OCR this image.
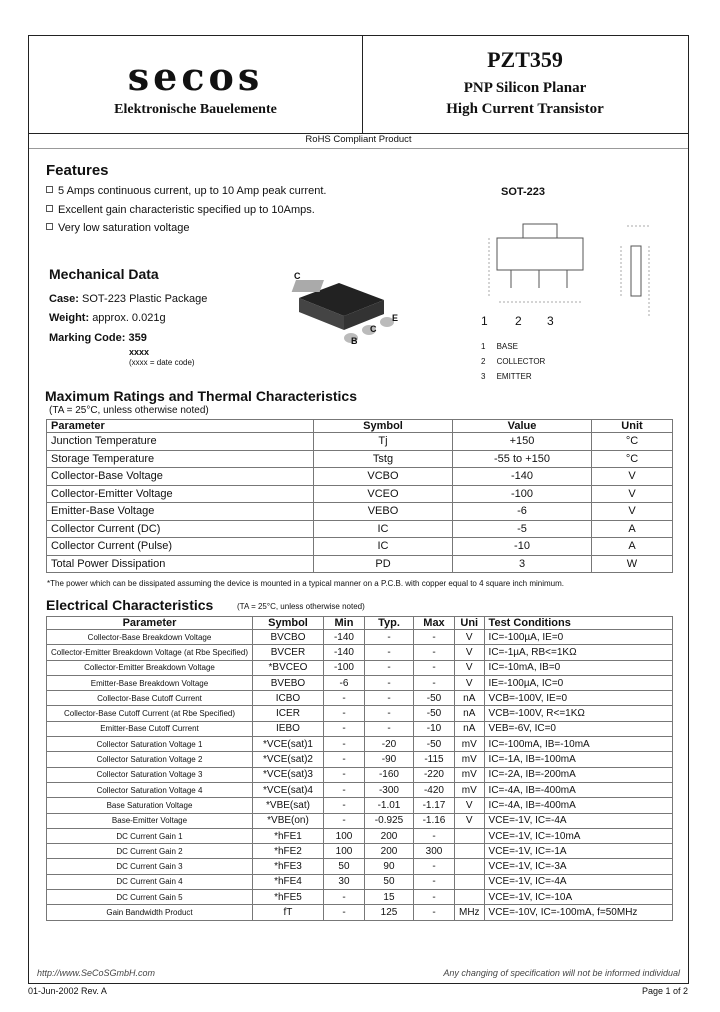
secos
Elektronische Bauelemente
PZT359
PNP Silicon Planar
High Current Transistor
RoHS Compliant Product
Features
5 Amps continuous current, up to 10 Amp peak current.
Excellent gain characteristic specified up to 10Amps.
Very low saturation voltage
Mechanical Data
Case: SOT-223 Plastic Package
Weight: approx. 0.021g
Marking Code: 359
xxxx
(xxxx = date code)
C
B
C
E
SOT-223
1 2 3
1     BASE
2     COLLECTOR
3     EMITTER
Maximum Ratings and Thermal Characteristics
(TA = 25°C, unless otherwise noted)
Parameter	Symbol	Value	Unit
Junction Temperature	Tj	+150	°C
Storage Temperature	Tstg	-55 to +150	°C
Collector-Base Voltage	VCBO	-140	V
Collector-Emitter Voltage	VCEO	-100	V
Emitter-Base Voltage	VEBO	-6	V
Collector Current (DC)	IC	-5	A
Collector Current (Pulse)	IC	-10	A
Total Power Dissipation	PD	3	W
*The power which can be dissipated assuming the device is mounted in a typical manner on a P.C.B. with copper equal to 4 square inch minimum.
Electrical Characteristics	(TA = 25°C, unless otherwise noted)
Parameter	Symbol	Min	Typ.	Max	Uni	Test Conditions
Collector-Base Breakdown Voltage	BVCBO	-140	-	-	V	IC=-100µA, IE=0
Collector-Emitter Breakdown Voltage (at Rbe Specified)	BVCER	-140	-	-	V	IC=-1µA, RB<=1KΩ
Collector-Emitter Breakdown Voltage	*BVCEO	-100	-	-	V	IC=-10mA, IB=0
Emitter-Base Breakdown Voltage	BVEBO	-6	-	-	V	IE=-100µA, IC=0
Collector-Base Cutoff Current	ICBO	-	-	-50	nA	VCB=-100V, IE=0
Collector-Base Cutoff Current (at Rbe Specified)	ICER	-	-	-50	nA	VCB=-100V, R<=1KΩ
Emitter-Base Cutoff Current	IEBO	-	-	-10	nA	VEB=-6V, IC=0
Collector Saturation Voltage 1	*VCE(sat)1	-	-20	-50	mV	IC=-100mA, IB=-10mA
Collector Saturation Voltage 2	*VCE(sat)2	-	-90	-115	mV	IC=-1A, IB=-100mA
Collector Saturation Voltage 3	*VCE(sat)3	-	-160	-220	mV	IC=-2A, IB=-200mA
Collector Saturation Voltage 4	*VCE(sat)4	-	-300	-420	mV	IC=-4A, IB=-400mA
Base Saturation Voltage	*VBE(sat)	-	-1.01	-1.17	V	IC=-4A, IB=-400mA
Base-Emitter Voltage	*VBE(on)	-	-0.925	-1.16	V	VCE=-1V, IC=-4A
DC Current Gain 1	*hFE1	100	200	-		VCE=-1V, IC=-10mA
DC Current Gain 2	*hFE2	100	200	300		VCE=-1V, IC=-1A
DC Current Gain 3	*hFE3	50	90	-		VCE=-1V, IC=-3A
DC Current Gain 4	*hFE4	30	50	-		VCE=-1V, IC=-4A
DC Current Gain 5	*hFE5	-	15	-		VCE=-1V, IC=-10A
Gain Bandwidth Product	fT	-	125	-	MHz	VCE=-10V, IC=-100mA, f=50MHz
http://www.SeCoSGmbH.com	Any changing of specification will not be informed individual
01-Jun-2002 Rev. A	Page 1 of 2
